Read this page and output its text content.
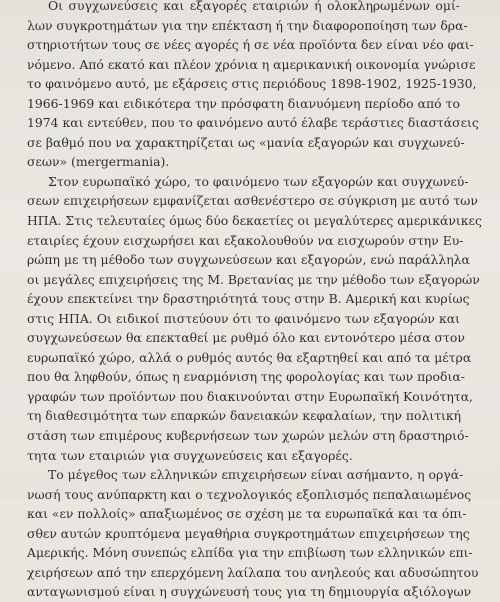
Οι συγχωνεύσεις και εξαγορές εταιριών ή ολοκληρωμένων ομί-
λων συγκροτημάτων για την επέκταση ή την διαφοροποίηση των δρα-
στηριοτήτων τους σε νέες αγορές ή σε νέα προϊόντα δεν είναι νέο φαι-
νόμενο. Από εκατό και πλέον χρόνια η αμερικανική οικονομία γνώρισε
το φαινόμενο αυτό, με εξάρσεις στις περιόδους 1898-1902, 1925-1930,
1966-1969 και ειδικότερα την πρόσφατη διανυόμενη περίοδο από το
1974 και εντεύθεν, που το φαινόμενο αυτό έλαβε τεράστιες διαστάσεις
σε βαθμό που να χαρακτηρίζεται ως «μανία εξαγορών και συγχωνεύ-
σεων» (mergermania).
Στον ευρωπαϊκό χώρο, το φαινόμενο των εξαγορών και συγχωνεύ-
σεων επιχειρήσεων εμφανίζεται ασθενέστερο σε σύγκριση με αυτό των
ΗΠΑ. Στις τελευταίες όμως δύο δεκαετίες οι μεγαλύτερες αμερικάνικες
εταιρίες έχουν εισχωρήσει και εξακολουθούν να εισχωρούν στην Ευ-
ρώπη με τη μέθοδο των συγχωνεύσεων και εξαγορών, ενώ παράλληλα
οι μεγάλες επιχειρήσεις της Μ. Βρετανίας με την μέθοδο των εξαγορών
έχουν επεκτείνει την δραστηριότητά τους στην Β. Αμερική και κυρίως
στις ΗΠΑ. Οι ειδικοί πιστεύουν ότι το φαινόμενο των εξαγορών και
συγχωνεύσεων θα επεκταθεί με ρυθμό όλο και εντονότερο μέσα στον
ευρωπαϊκό χώρο, αλλά ο ρυθμός αυτός θα εξαρτηθεί και από τα μέτρα
που θα ληφθούν, όπως η εναρμόνιση της φορολογίας και των προδια-
γραφών των προϊόντων που διακινούνται στην Ευρωπαϊκή Κοινότητα,
τη διαθεσιμότητα των επαρκών δανειακών κεφαλαίων, την πολιτική
στάση των επιμέρους κυβερνήσεων των χωρών μελών στη δραστηριό-
τητα των εταιριών για συγχωνεύσεις και εξαγορές.
Το μέγεθος των ελληνικών επιχειρήσεων είναι ασήμαντο, η οργά-
νωσή τους ανύπαρκτη και ο τεχνολογικός εξοπλισμός πεπαλαιωμένος
και «εν πολλοίς» απαξιωμένος σε σχέση με τα ευρωπαϊκά και τα όπι-
σθεν αυτών κρυπτόμενα μεγαθήρια συγκροτημάτων επιχειρήσεων της
Αμερικής. Μόνη συνεπώς ελπίδα για την επιβίωση των ελληνικών επι-
χειρήσεων από την επερχόμενη λαίλαπα του ανηλεούς και αδυσώπητου
ανταγωνισμού είναι η συγχώνευσή τους για τη δημιουργία αξιόλογων
